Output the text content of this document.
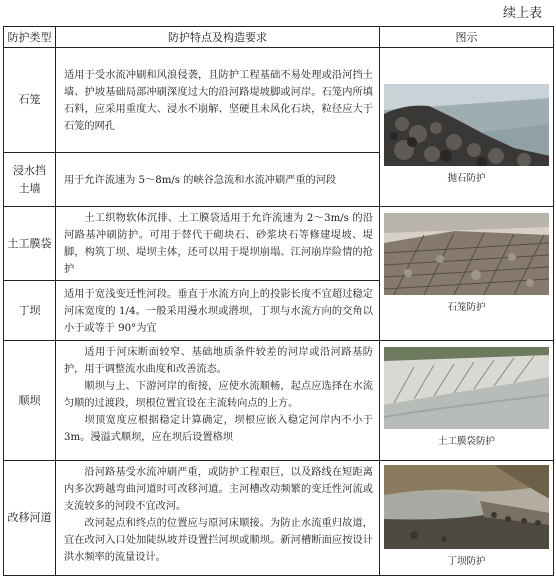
续上表
防护类型	防护特点及构造要求	图示
石笼	适用于受水流冲刷和风浪侵袭，且防护工程基础不易处理或沿河挡土墙、护坡基础局部冲刷深度过大的沿河路堤坡脚或河岸。石笼内所填石料，应采用重度大、浸水不崩解、坚硬且未风化石块，粒径应大于石笼的网孔	抛石防护

浸水挡
土墙	用于允许流速为 5～8m/s 的峡谷急流和水流冲刷严重的河段	

土工膜袋	土工织物软体沉排、土工膜袋适用于允许流速为 2～3m/s 的沿河路基冲刷防护。可用于替代干砌块石、砂浆块石等修建堤坡、堤脚，构筑丁坝、堤坝主体，还可以用于堤坝崩塌、江河崩岸险情的抢护	石笼防护

丁坝	适用于宽浅变迁性河段。垂直于水流方向上的投影长度不宜超过稳定河床宽度的 1/4。一般采用漫水坝或潜坝，丁坝与水流方向的交角以小于或等于 90°为宜	

顺坝	适用于河床断面较窄、基础地质条件较差的河岸或沿河路基防护，用于调整流水曲度和改善流态。

顺坝与上、下游河岸的衔接，应使水流顺畅，起点应选择在水流匀顺的过渡段，坝根位置宜设在主流转向点的上方。

坝顶宽度应根据稳定计算确定，坝根应嵌入稳定河岸内不小于 3m。漫溢式顺坝，应在坝后设置格坝	土工膜袋防护

改移河道	沿河路基受水流冲刷严重，或防护工程艰巨，以及路线在短距离内多次跨越弯曲河道时可改移河道。主河槽改动频繁的变迁性河流或支流较多的河段不宜改河。

改河起点和终点的位置应与原河床顺接。为防止水流重归故道，宜在改河入口处加陡纵坡并设置拦河坝或顺坝。新河槽断面应按设计洪水频率的流量设计。	丁坝防护
